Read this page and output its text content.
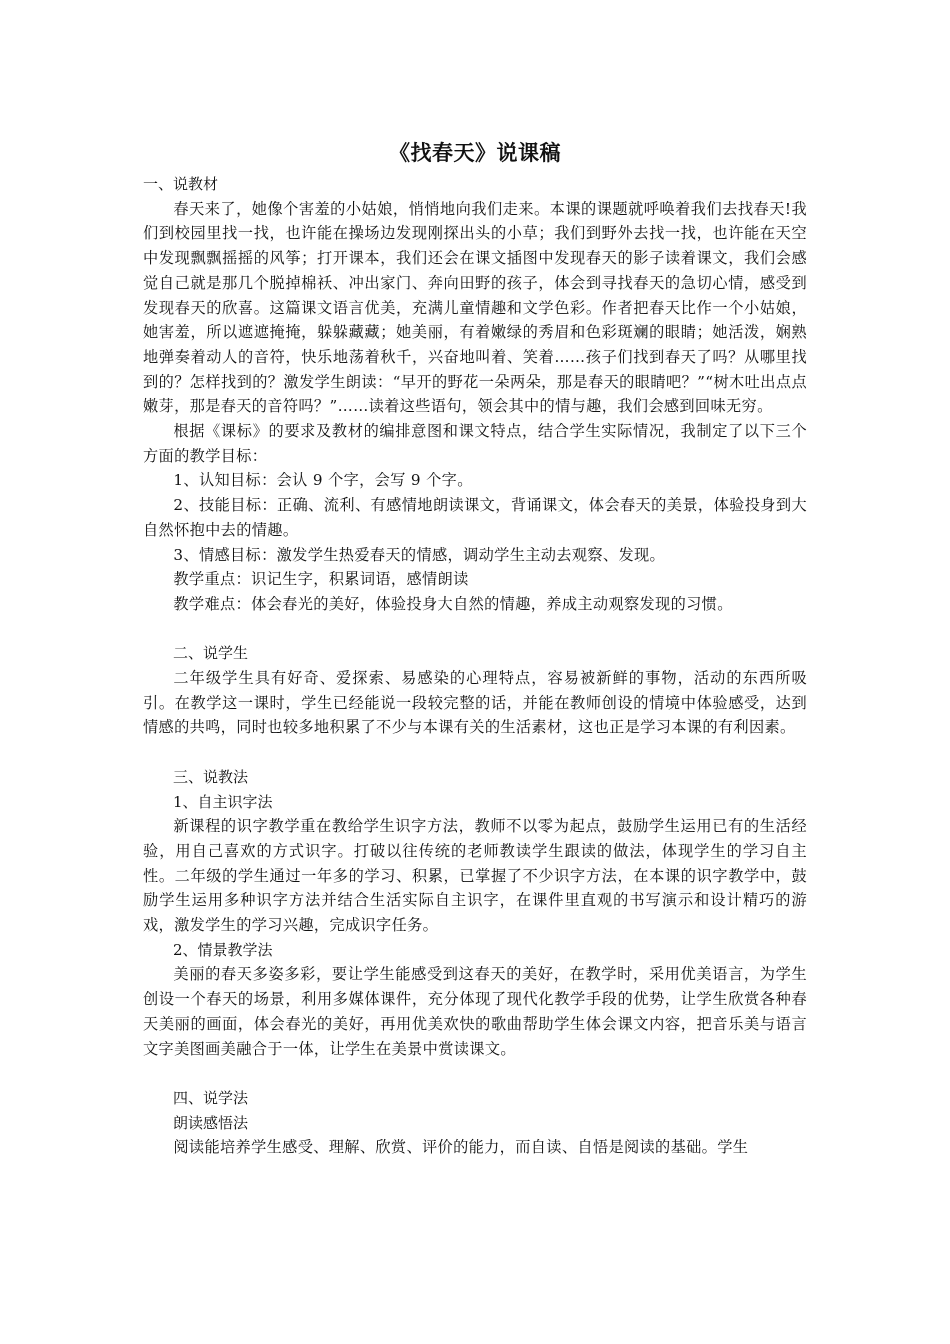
《找春天》说课稿

一、说教材

春天来了，她像个害羞的小姑娘，悄悄地向我们走来。本课的课题就呼唤着我们去找春天!我们到校园里找一找，也许能在操场边发现刚探出头的小草；我们到野外去找一找，也许能在天空中发现飘飘摇摇的风筝；打开课本，我们还会在课文插图中发现春天的影子读着课文，我们会感觉自己就是那几个脱掉棉袄、冲出家门、奔向田野的孩子，体会到寻找春天的急切心情，感受到发现春天的欣喜。这篇课文语言优美，充满儿童情趣和文学色彩。作者把春天比作一个小姑娘，她害羞，所以遮遮掩掩，躲躲藏藏；她美丽，有着嫩绿的秀眉和色彩斑斓的眼睛；她活泼，娴熟地弹奏着动人的音符，快乐地荡着秋千，兴奋地叫着、笑着……孩子们找到春天了吗？从哪里找到的？怎样找到的？激发学生朗读：“早开的野花一朵两朵，那是春天的眼睛吧？”“树木吐出点点嫩芽，那是春天的音符吗？”……读着这些语句，领会其中的情与趣，我们会感到回味无穷。

根据《课标》的要求及教材的编排意图和课文特点，结合学生实际情况，我制定了以下三个方面的教学目标：

1、认知目标：会认 9 个字，会写 9 个字。

2、技能目标：正确、流利、有感情地朗读课文，背诵课文，体会春天的美景，体验投身到大自然怀抱中去的情趣。

3、情感目标：激发学生热爱春天的情感，调动学生主动去观察、发现。

教学重点：识记生字，积累词语，感情朗读

教学难点：体会春光的美好，体验投身大自然的情趣，养成主动观察发现的习惯。

二、说学生

二年级学生具有好奇、爱探索、易感染的心理特点，容易被新鲜的事物，活动的东西所吸引。在教学这一课时，学生已经能说一段较完整的话，并能在教师创设的情境中体验感受，达到情感的共鸣，同时也较多地积累了不少与本课有关的生活素材，这也正是学习本课的有利因素。

三、说教法

1、自主识字法

新课程的识字教学重在教给学生识字方法，教师不以零为起点，鼓励学生运用已有的生活经验，用自己喜欢的方式识字。打破以往传统的老师教读学生跟读的做法，体现学生的学习自主性。二年级的学生通过一年多的学习、积累，已掌握了不少识字方法，在本课的识字教学中，鼓励学生运用多种识字方法并结合生活实际自主识字，在课件里直观的书写演示和设计精巧的游戏，激发学生的学习兴趣，完成识字任务。

2、情景教学法

美丽的春天多姿多彩，要让学生能感受到这春天的美好，在教学时，采用优美语言，为学生创设一个春天的场景，利用多媒体课件，充分体现了现代化教学手段的优势，让学生欣赏各种春天美丽的画面，体会春光的美好，再用优美欢快的歌曲帮助学生体会课文内容，把音乐美与语言文字美图画美融合于一体，让学生在美景中赏读课文。

四、说学法

朗读感悟法

阅读能培养学生感受、理解、欣赏、评价的能力，而自读、自悟是阅读的基础。学生
